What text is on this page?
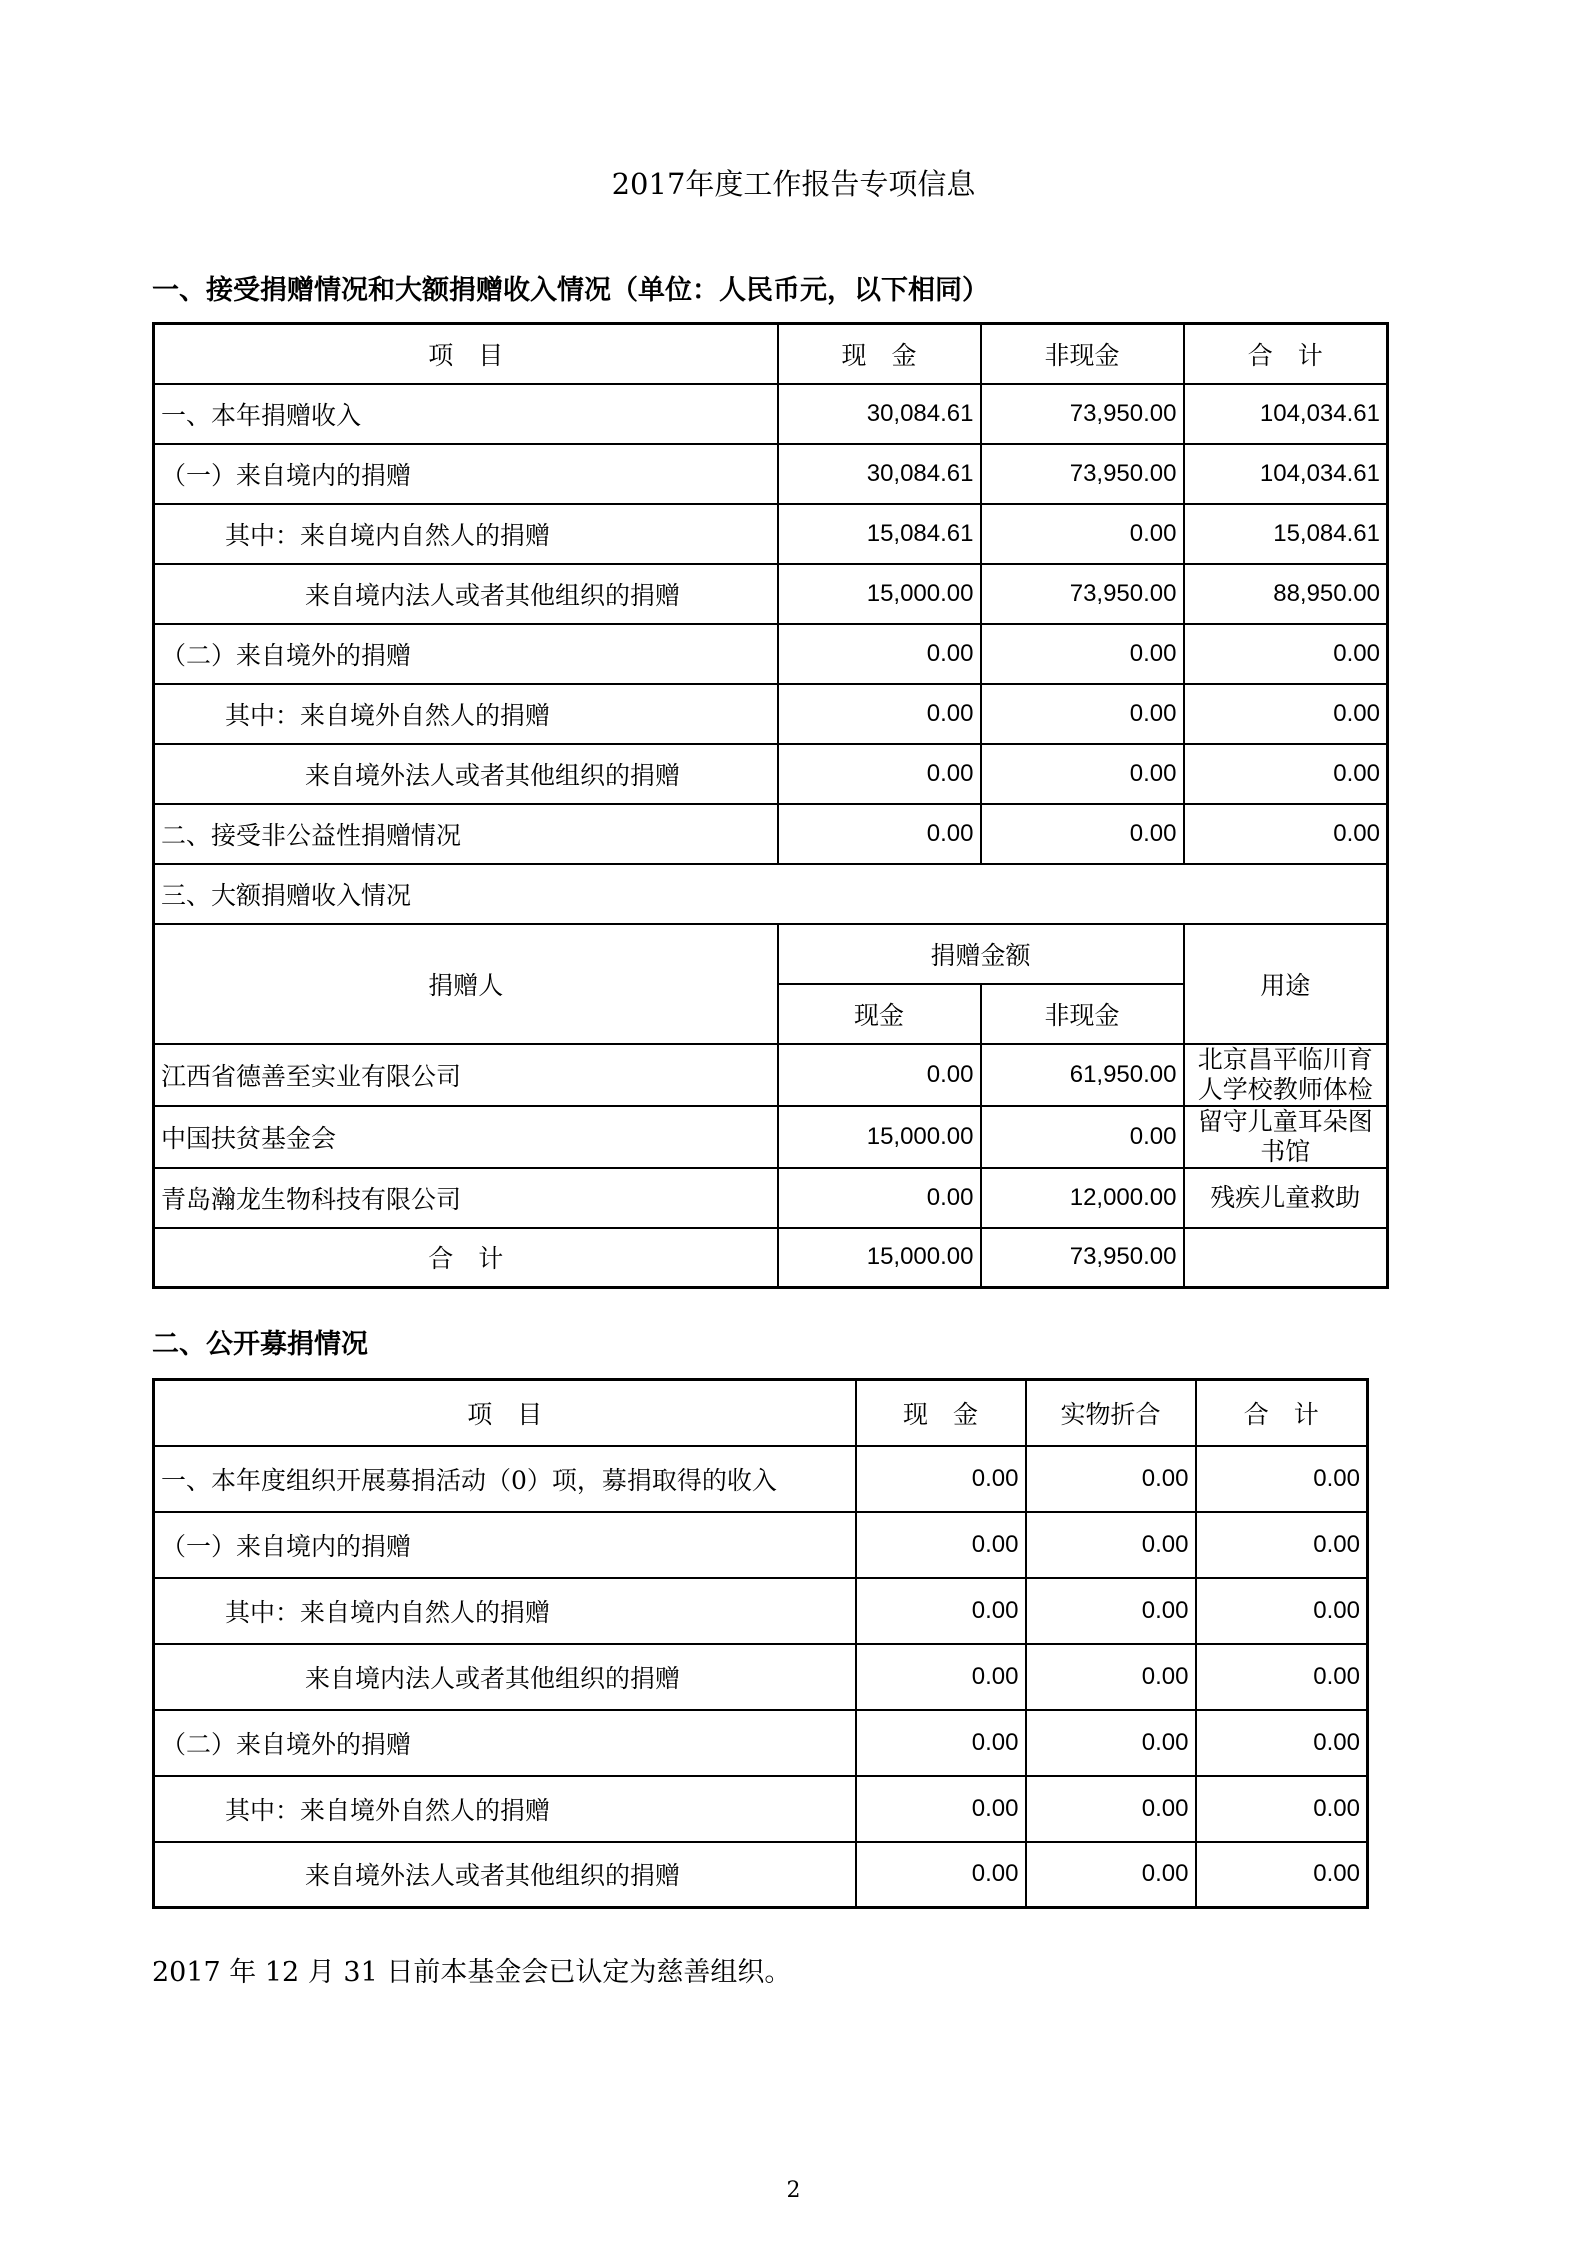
2017年度工作报告专项信息
一、接受捐赠情况和大额捐赠收入情况（单位：人民币元，以下相同）
项　目	现　金	非现金	合　计
一、本年捐赠收入	30,084.61	73,950.00	104,034.61
（一）来自境内的捐赠	30,084.61	73,950.00	104,034.61
其中：来自境内自然人的捐赠	15,084.61	0.00	15,084.61
来自境内法人或者其他组织的捐赠	15,000.00	73,950.00	88,950.00
（二）来自境外的捐赠	0.00	0.00	0.00
其中：来自境外自然人的捐赠	0.00	0.00	0.00
来自境外法人或者其他组织的捐赠	0.00	0.00	0.00
二、接受非公益性捐赠情况	0.00	0.00	0.00
三、大额捐赠收入情况			
捐赠人	捐赠金额		用途
	现金	非现金	
江西省德善至实业有限公司	0.00	61,950.00	北京昌平临川育人学校教师体检
中国扶贫基金会	15,000.00	0.00	留守儿童耳朵图书馆
青岛瀚龙生物科技有限公司	0.00	12,000.00	残疾儿童救助
合　计	15,000.00	73,950.00	
二、公开募捐情况
项　目	现　金	实物折合	合　计
一、本年度组织开展募捐活动（0）项，募捐取得的收入	0.00	0.00	0.00
（一）来自境内的捐赠	0.00	0.00	0.00
其中：来自境内自然人的捐赠	0.00	0.00	0.00
来自境内法人或者其他组织的捐赠	0.00	0.00	0.00
（二）来自境外的捐赠	0.00	0.00	0.00
其中：来自境外自然人的捐赠	0.00	0.00	0.00
来自境外法人或者其他组织的捐赠	0.00	0.00	0.00
2017 年 12 月 31 日前本基金会已认定为慈善组织。
2
